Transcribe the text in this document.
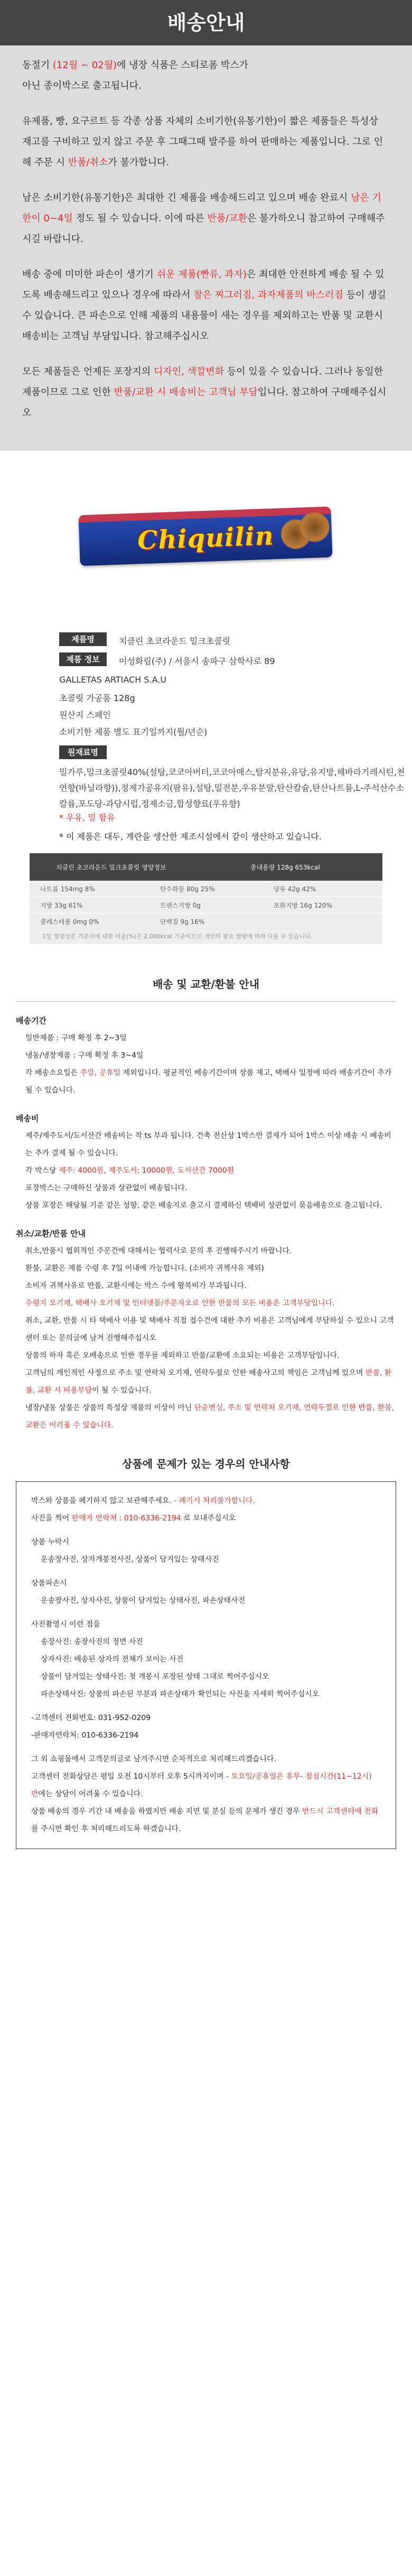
배송안내

동절기 (12월 ~ 02월)에 냉장 식품은 스티로폼 박스가
아닌 종이박스로 출고됩니다.

유제품, 빵, 요구르트 등 각종 상품 자체의 소비기한(유통기한)이 짧은 제품들은 특성상 재고를 구비하고 있지 않고 주문 후 그때그때 발주를 하여 판매하는 제품입니다. 그로 인해 주문 시 반품/취소가 불가합니다.

남은 소비기한(유통기한)은 최대한 긴 제품을 배송해드리고 있으며 배송 완료시 남은 기한이 0~4일 정도 될 수 있습니다. 이에 따른 반품/교환은 불가하오니 참고하여 구매해주시길 바랍니다.

배송 중에 미미한 파손이 생기기 쉬운 제품(빤류, 과자)은 최대한 안전하게 배송 될 수 있도록 배송해드리고 있으나 경우에 따라서 찰은 찌그러짐, 과자제품의 바스러짐 등이 생길 수 있습니다. 큰 파손으로 인해 제품의 내용물이 새는 경우를 제외하고는 반품 및 교환시 배송비는 고객님 부담입니다. 참고해주십시오

모든 제품들은 언제든 포장지의 디자인, 색깔변화 등이 있을 수 있습니다. 그러나 동일한 제품이므로 그로 인한 반품/교환 시 배송비는 고객님 부담입니다. 참고하여 구매해주십시오

Chiquilin
제품명	치클린 초코라운드 밀크초콜릿
제품 정보	이성화림(주) / 서울시 송파구 삼학사로 89
GALLETAS ARTIACH S.A.U
초콜릿 가공품 128g
원산지 스페인
소비기한 제품 별도 표기일까지(월/년순)
원재료명
밀가루,밀크초콜릿40%(설탕,코코아버터,코코아매스,탈지분유,유당,유지방,해바라기레시틴,천연향(바닐라향)),정제가공유지(팜유),설탕,밀전분,우유분말,탄산칼슘,탄산나트륨,L-주석산수소칼륨,포도당-과당시럽,정제소금,합성향료(우유향)
* 우유, 밀 함유
* 이 제품은 대두, 계란을 생산한 제조시설에서 같이 생산하고 있습니다.
치클린 초코라운드 밀크초콜릿 영양정보	총내용량 128g 653kcal
나트륨 154mg 8%	탄수화물 80g 25%	당류 42g 42%
지방 33g 61%	트랜스지방 0g	포화지방 16g 120%
콜레스테롤 0mg 0%	단백질 9g 16%	
1일 영양성분 기준치에 대한 비율(%)은 2,000kcal 기준이므로 개인의 필요 열량에 따라 다를 수 있습니다.
배송 및 교환/환불 안내
배송기간
일반제품 : 구매 확정 후 2~3일
냉동/냉장제품 : 구매 확정 후 3~4일
각 배송소요일은 주말, 공휴일 제외입니다. 평균적인 배송기간이며 상품 재고, 택배사 일정에 따라 배송기간이 추가 될 수 있습니다.
배송비
제주/제주도서/도서산간 배송비는 착 ts 부과 됩니다. 건축 전산상 1박스만 결제가 되어 1박스 이상 배송 시 배송비는 추가 결제 될 수 있습니다.
각 박스당 제주: 4000원, 제주도서: 10000원, 도서산간 7000원
포장박스는 구매하신 상품과 상관없이 배송됩니다.
상품 포장은 해당될 기준 같은 성향, 같은 배송지로 출고시 결제하신 택배비 상관없이 묶음배송으로 출고됩니다.
취소/교환/반품 안내
취소,반품시 협회적인 주문건에 대해서는 협력사로 문의 후 진행해주시기 바랍니다.
환불, 교환은 제품 수령 후 7일 이내에 가능합니다. (소비자 귀책사유 제외)
소비자 귀책사유로 반품, 교환시에는 박스 수에 왕복비가 부과됩니다.
수령지 오기재, 택배사 오기재 및 인터넷몰/주문자오로 인한 반품의 모든 비용은 고객부담입니다.
취소, 교환, 반품 시 타 택배사 이용 및 택배사 직접 접수건에 대한 추가 비용은 고객님에게 부담하실 수 있으니 고객센터 또는 문의글에 남겨 진행해주십시오
상품의 하자 혹은 오배송으로 인한 경우를 제외하고 반품/교환에 소요되는 비용은 고객부담입니다.
고객님의 개인적인 사정으로 주소 및 연락처 오기재, 연락두절로 인한 배송사고의 책임은 고객님께 있으며 반품, 환불, 교환 시 비용부담이 될 수 있습니다.
냉장/냉동 상품은 상품의 특성상 제품의 이상이 아닌 단순변심, 주소 및 연락처 오기재, 연락두절로 인한 반품, 환불, 교환은 어려울 수 있습니다.
상품에 문제가 있는 경우의 안내사항
박스와 상품을 폐기하지 않고 보관해주세요. - 폐기시 처리불가합니다.
사진을 찍어 판매자 연락처 : 010-6336-2194 로 보내주십시오
상품 누락시
운송장사진, 상자개봉전사진, 상품이 담겨있는 상태사진
상품파손시
운송장사진, 상자사진, 상품이 담겨있는 상태사진, 파손상태사진
사진촬영시 이런 점을
송장사진: 송장사진의 정면 사진
상자사진: 배송된 상자의 전체가 보이는 사진
상품이 담겨있는 상태사진: 첫 개봉시 포장된 상태 그대로 찍어주십시오
파손상태사진: 상품의 파손된 부분과 파손상태가 확인되는 사진을 자세히 찍어주십시오
-고객센터 전화번호: 031-952-0209
-판매자연락처: 010-6336-2194
그 외 쇼핑몰에서 고객문의글로 남겨주시면 순차적으로 처리해드리겠습니다.
고객센터 전화상담은 평일 오전 10시부터 오후 5시까지이며 - 토요일/공휴일은 휴무- 점심시간(11~12시) 반에는 상담이 어려울 수 있습니다.
상품 배송의 경우 기간 내 배송을 하였지만 배송 지연 및 분실 등의 문제가 생긴 경우 반드시 고객센터에 전화를 주시면 확인 후 처리해드리도록 하겠습니다.
